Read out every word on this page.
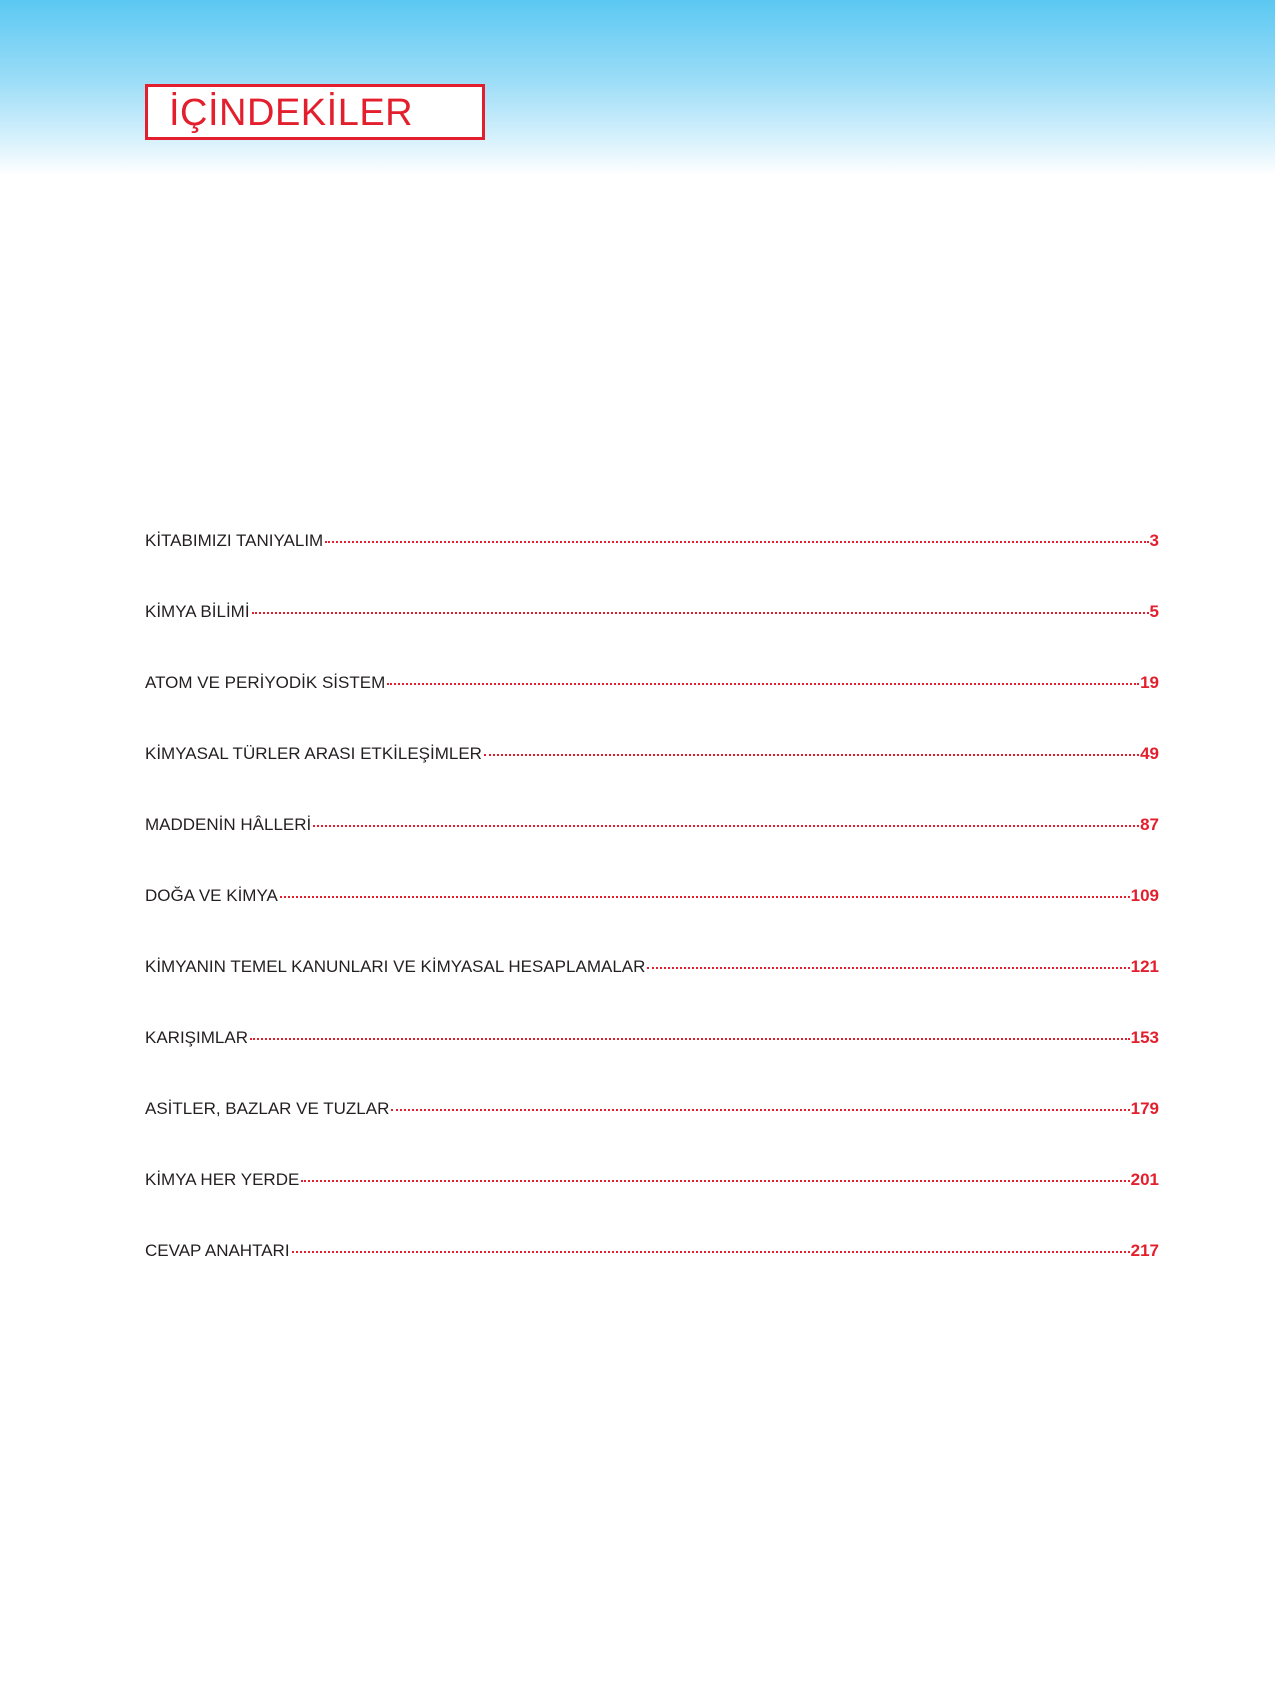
İÇİNDEKİLER
KİTABIMIZI TANIYALIM	3
KİMYA BİLİMİ	5
ATOM VE PERİYODİK SİSTEM	19
KİMYASAL TÜRLER ARASI ETKİLEŞİMLER	49
MADDENİN HÂLLERİ	87
DOĞA VE KİMYA	109
KİMYANIN TEMEL KANUNLARI VE KİMYASAL HESAPLAMALAR	121
KARIŞIMLAR	153
ASİTLER, BAZLAR VE TUZLAR	179
KİMYA HER YERDE	201
CEVAP ANAHTARI	217
